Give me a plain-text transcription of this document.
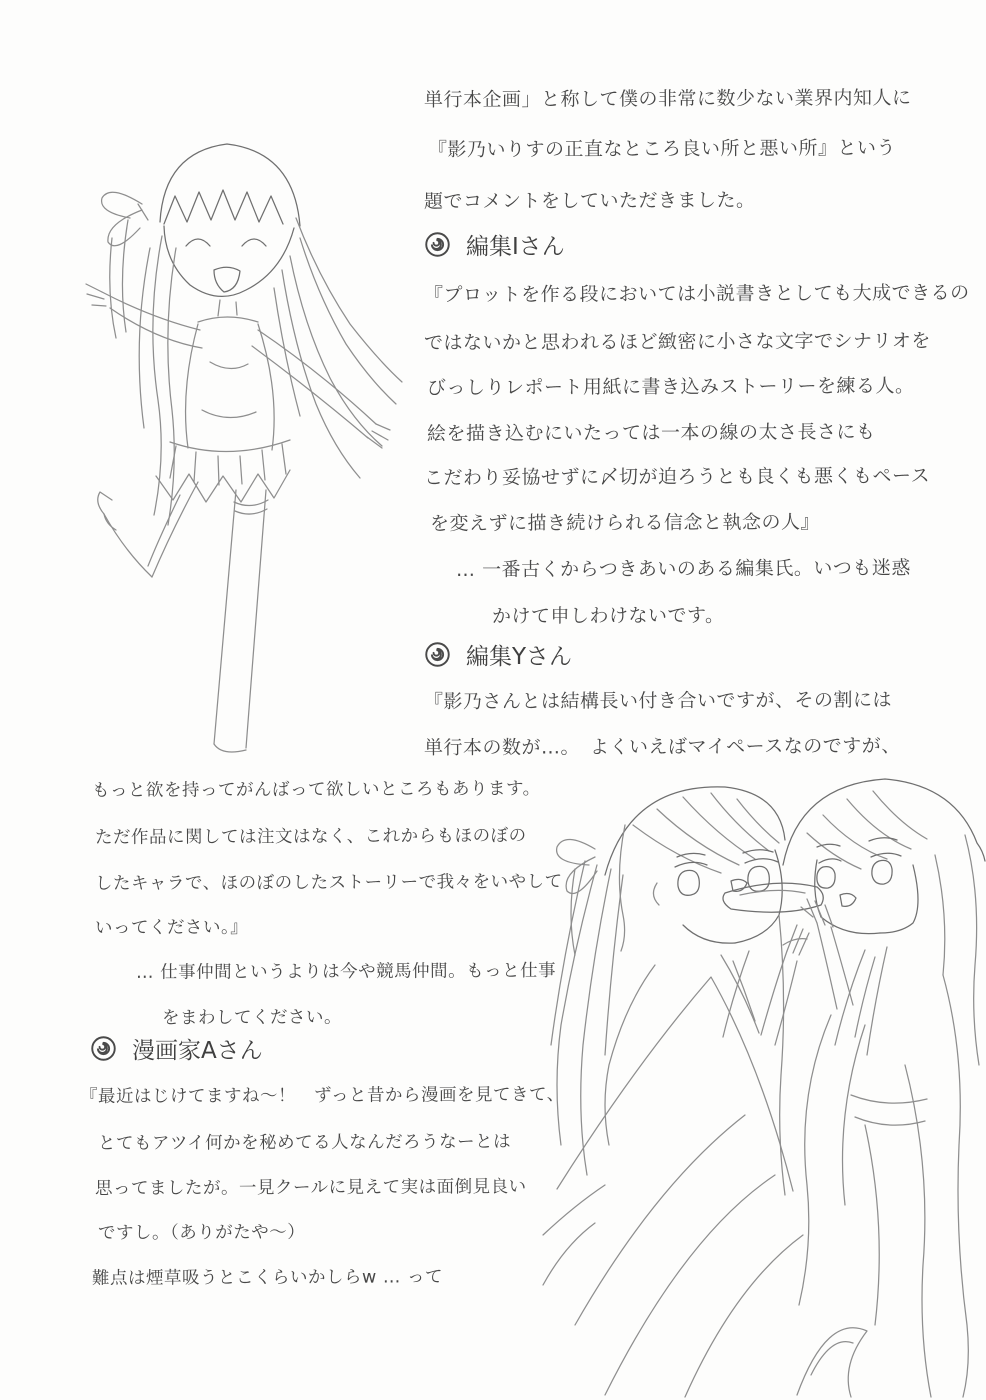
単行本企画」と称して僕の非常に数少ない業界内知人に
『影乃いりすの正直なところ良い所と悪い所』という
題でコメントをしていただきました。
編集Iさん
『プロットを作る段においては小説書きとしても大成できるの
ではないかと思われるほど緻密に小さな文字でシナリオを
びっしりレポート用紙に書き込みストーリーを練る人。
絵を描き込むにいたっては一本の線の太さ長さにも
こだわり妥協せずに〆切が迫ろうとも良くも悪くもペース
を変えずに描き続けられる信念と執念の人』
… 一番古くからつきあいのある編集氏。いつも迷惑
かけて申しわけないです。
編集Yさん
『影乃さんとは結構長い付き合いですが、その割には
単行本の数が…。　よくいえばマイペースなのですが、
もっと欲を持ってがんばって欲しいところもあります。
ただ作品に関しては注文はなく、これからもほのぼの
したキャラで、ほのぼのしたストーリーで我々をいやして
いってください。』
… 仕事仲間というよりは今や競馬仲間。もっと仕事
をまわしてください。
漫画家Aさん
『最近はじけてますね～！　ずっと昔から漫画を見てきて、
とてもアツイ何かを秘めてる人なんだろうなーとは
思ってましたが。一見クールに見えて実は面倒見良い
ですし。（ありがたや～）
難点は煙草吸うとこくらいかしらw … って
